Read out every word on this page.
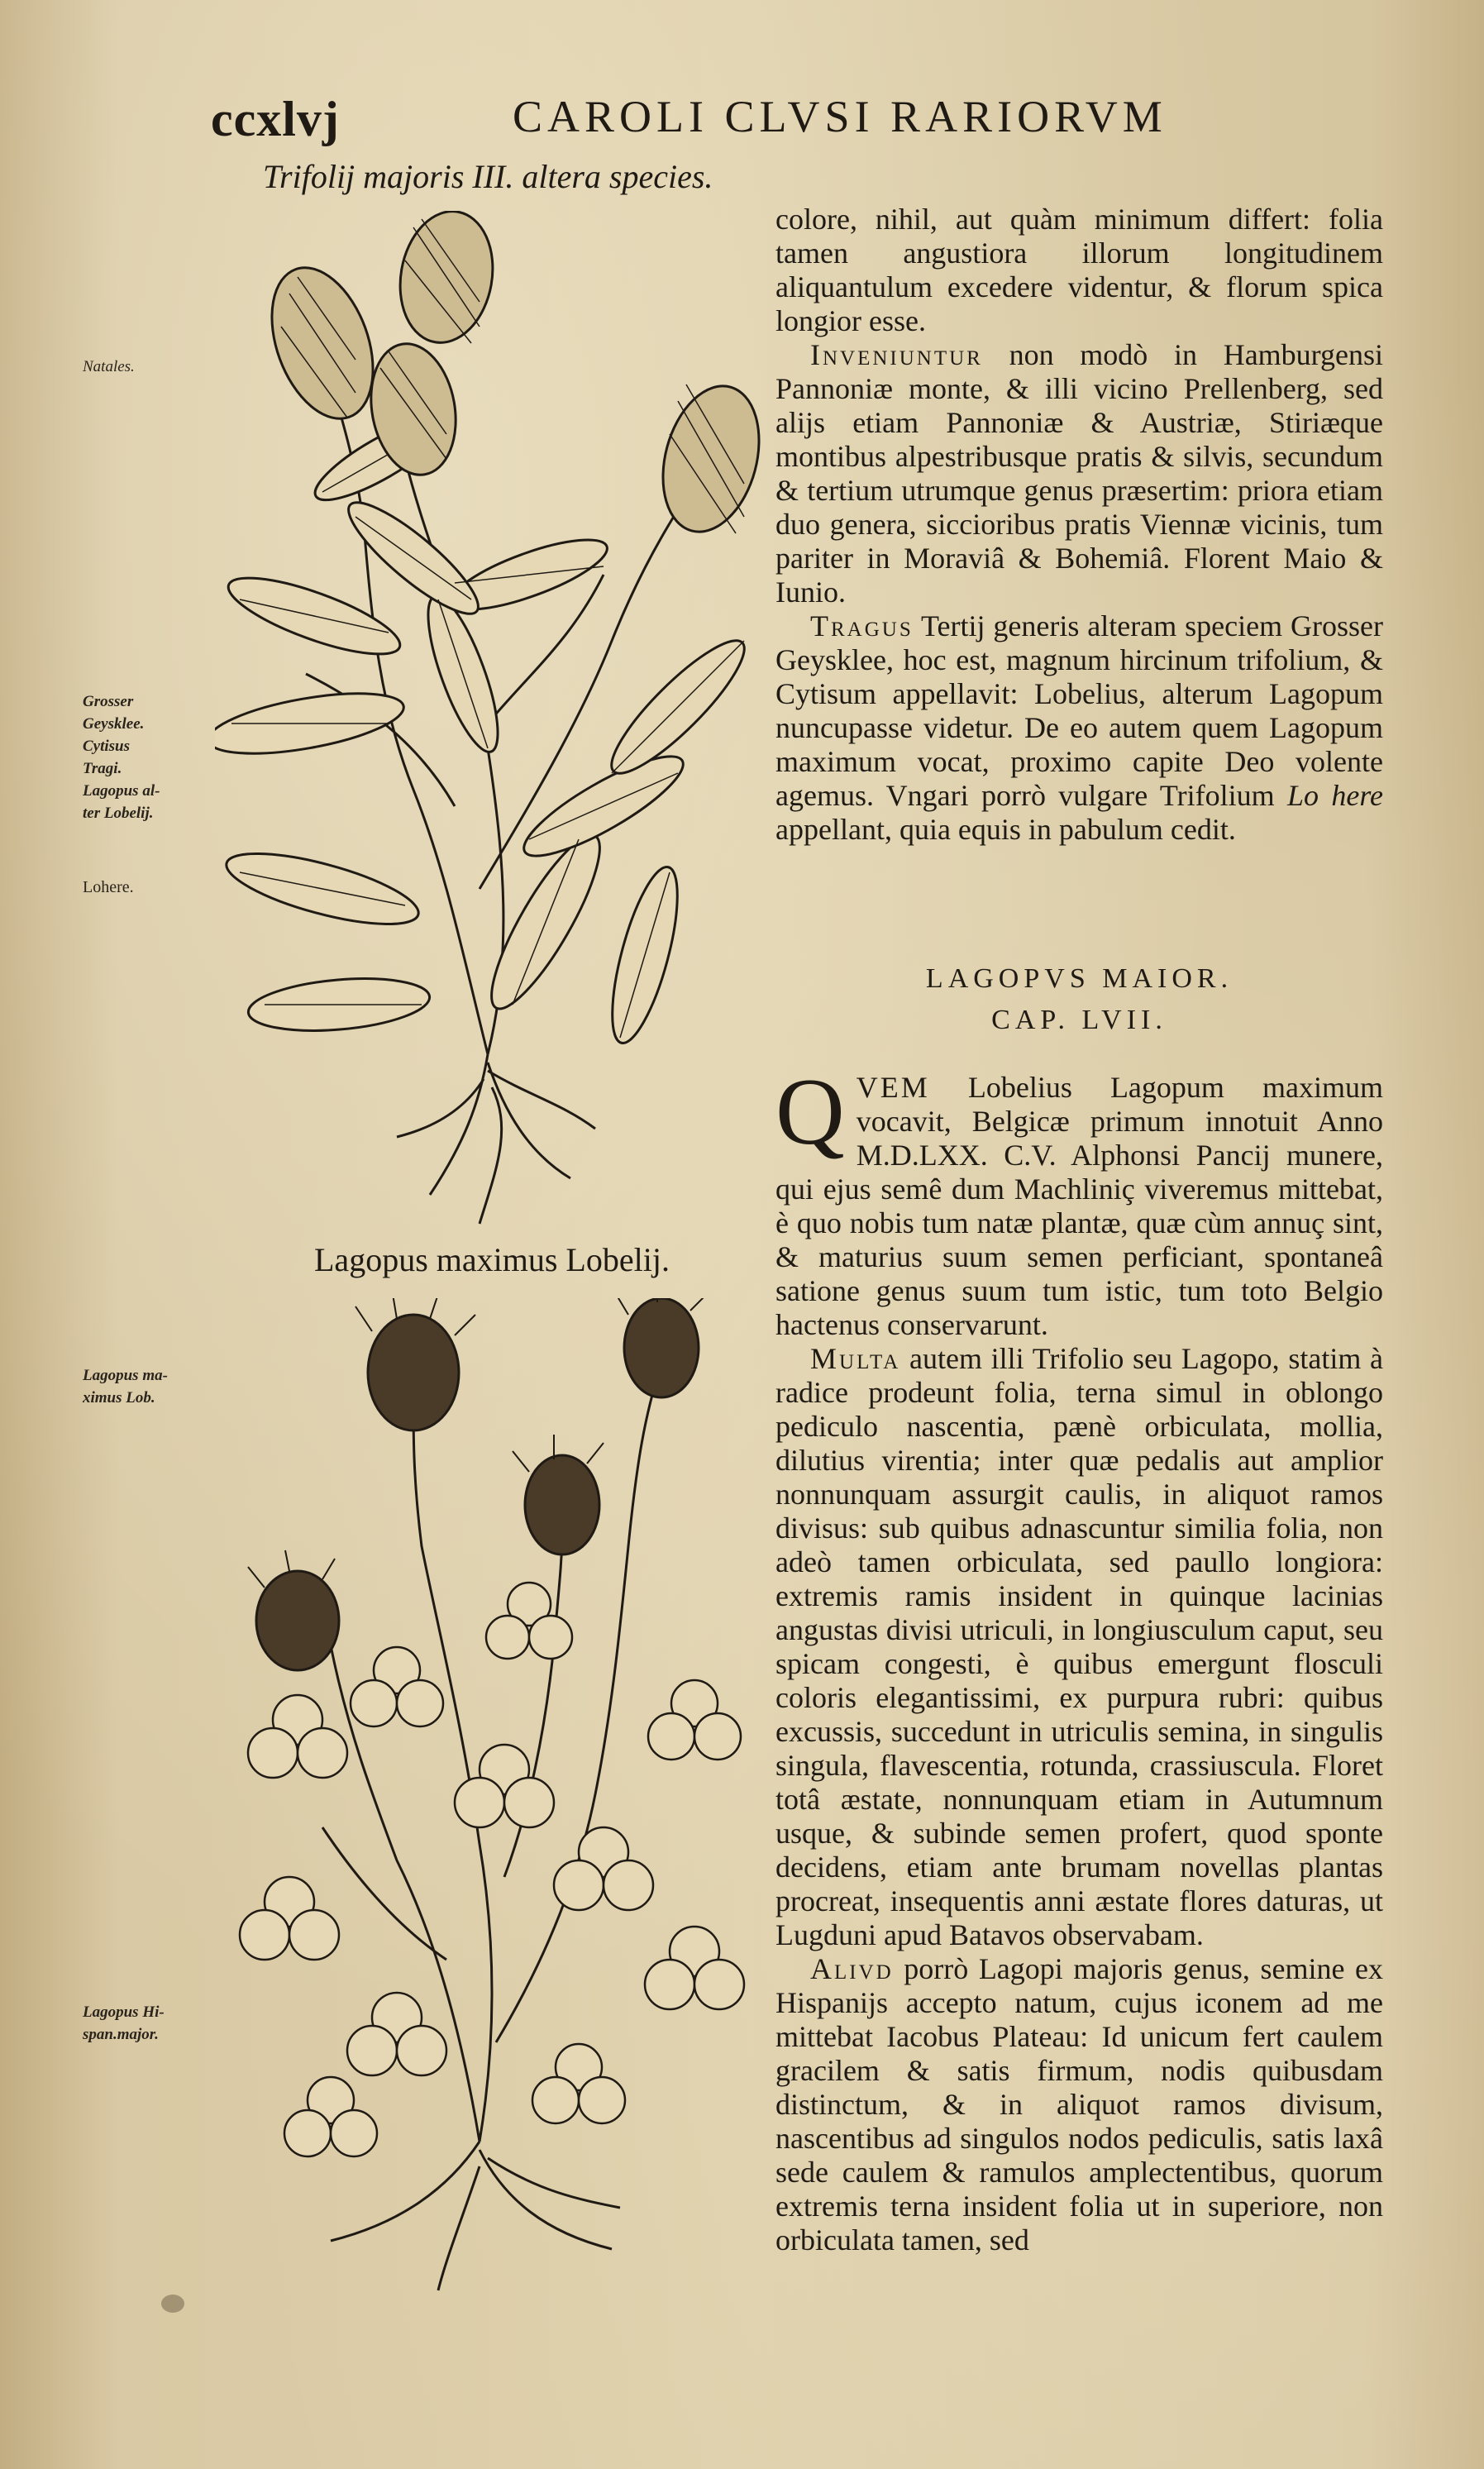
ccxlvj	CAROLI CLVSI RARIORVM
Trifolij majoris III. altera species.
Natales.
Grosser
Geysklee.
Cytisus
Tragi.
Lagopus al-
ter Lobelij.
Lohere.
Lagopus ma-
ximus Lob.
Lagopus Hi-
span.major.
Lagopus maximus Lobelij.

colore, nihil, aut quàm minimum differt: folia tamen angustiora illorum longitudinem aliquantulum excedere videntur, & florum spica longior esse.

Inveniuntur non modò in Hamburgensi Pannoniæ monte, & illi vicino Prellenberg, sed alijs etiam Pannoniæ & Austriæ, Stiriæque montibus alpestribusque pratis & silvis, secundum & tertium utrumque genus præsertim: priora etiam duo genera, siccioribus pratis Viennæ vicinis, tum pariter in Moraviâ & Bohemiâ. Florent Maio & Iunio.

Tragus Tertij generis alteram speciem Grosser Geysklee, hoc est, magnum hircinum trifolium, & Cytisum appellavit: Lobelius, alterum Lagopum nuncupasse videtur. De eo autem quem Lagopum maximum vocat, proximo capite Deo volente agemus. Vngari porrò vulgare Trifolium Lo here appellant, quia equis in pabulum cedit.

LAGOPVS MAIOR.
CAP. LVII.

QVEM Lobelius Lagopum maximum vocavit, Belgicæ primum innotuit Anno M.D.LXX. C.V. Alphonsi Pancij munere, qui ejus semê dum Machliniç viveremus mittebat, è quo nobis tum natæ plantæ, quæ cùm annuç sint, & maturius suum semen perficiant, spontaneâ satione genus suum tum istic, tum toto Belgio hactenus conservarunt.

Multa autem illi Trifolio seu Lagopo, statim à radice prodeunt folia, terna simul in oblongo pediculo nascentia, pænè orbiculata, mollia, dilutius virentia; inter quæ pedalis aut amplior nonnunquam assurgit caulis, in aliquot ramos divisus: sub quibus adnascuntur similia folia, non adeò tamen orbiculata, sed paullo longiora: extremis ramis insident in quinque lacinias angustas divisi utriculi, in longiusculum caput, seu spicam congesti, è quibus emergunt flosculi coloris elegantissimi, ex purpura rubri: quibus excussis, succedunt in utriculis semina, in singulis singula, flavescentia, rotunda, crassiuscula. Floret totâ æstate, nonnunquam etiam in Autumnum usque, & subinde semen profert, quod sponte decidens, etiam ante brumam novellas plantas procreat, insequentis anni æstate flores daturas, ut Lugduni apud Batavos observabam.

Alivd porrò Lagopi majoris genus, semine ex Hispanijs accepto natum, cujus iconem ad me mittebat Iacobus Plateau: Id unicum fert caulem gracilem & satis firmum, nodis quibusdam distinctum, & in aliquot ramos divisum, nascentibus ad singulos nodos pediculis, satis laxâ sede caulem & ramulos amplectentibus, quorum extremis terna insident folia ut in superiore, non orbiculata tamen, sed
